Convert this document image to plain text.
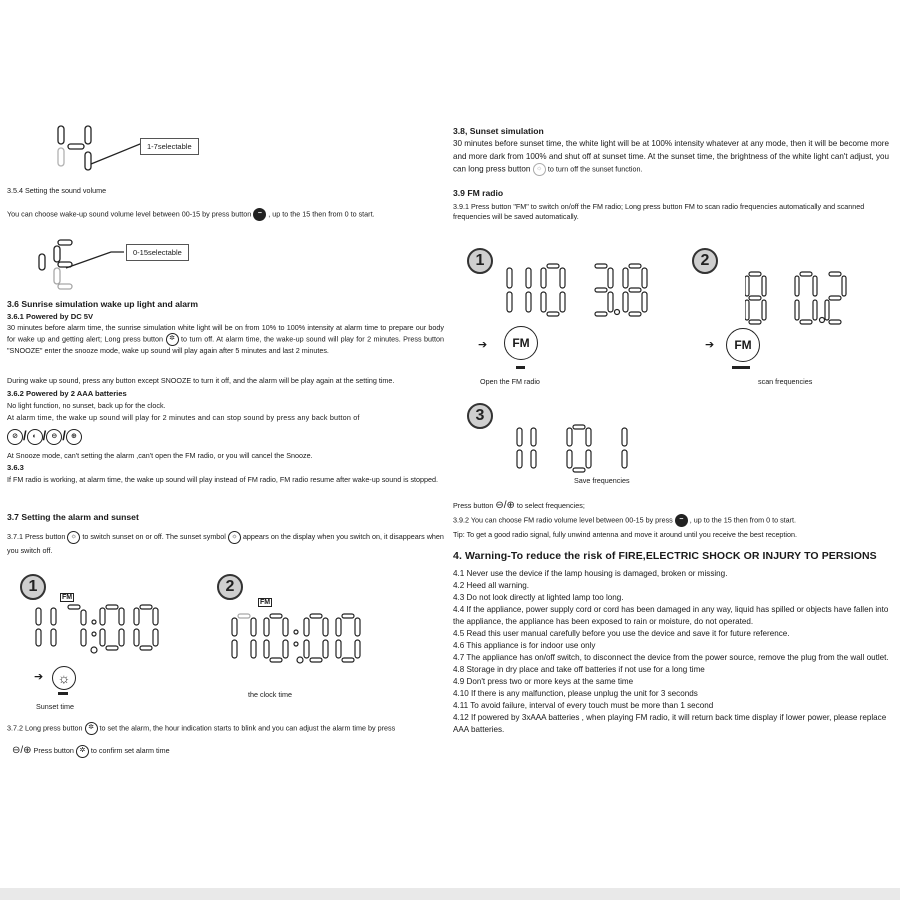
1-7selectable
3.5.4 Setting the sound volume
You can choose wake-up sound volume level between 00-15 by press button − , up to the 15 then from 0 to start.
0-15selectable
3.6 Sunrise simulation wake up light and alarm
3.6.1 Powered by DC 5V
30 minutes before alarm time, the sunrise simulation white light will be on from 10% to 100% intensity at alarm time to prepare our body for wake up and getting alert; Long press button ✲ to turn off. At alarm time, the wake-up sound will play for 2 minutes. Press button "SNOOZE" enter the snooze mode, wake up sound will play again after 5 minutes and last 2 minutes.
During wake up sound, press any button except SNOOZE to turn it off, and the alarm will be play again at the setting time.
3.6.2 Powered by 2 AAA batteries
No light function, no sunset, back up for the clock.
At alarm time, the wake up sound will play for 2 minutes and can stop sound by press any back button of
⊘ / ◐ / ⊖ / ⊕
At Snooze mode, can't setting the alarm ,can't open the FM radio, or you will cancel the Snooze.
3.6.3
If FM radio is working, at alarm time, the wake up sound will play instead of FM radio, FM radio resume after wake-up sound is stopped.
3.7 Setting the alarm and sunset
3.7.1 Press button ☼ to switch sunset on or off. The sunset symbol ☼ appears on the display when you switch on, it disappears when you switch off.
1
FM
☼
➔
Sunset time
2
FM
the clock time
3.7.2 Long press button ✲ to set the alarm, the hour indication starts to blink and you can adjust the alarm time by press
⊖/⊕ Press button ✲ to confirm set alarm time
3.8, Sunset simulation
30 minutes before sunset time, the white light will be at 100% intensity whatever at any mode, then it will be become more and more dark from 100% and shut off at sunset time. At the sunset time, the brightness of the white light can't adjust, you can long press button ☼ to turn off the sunset function.
3.9 FM radio
3.9.1 Press button "FM" to switch on/off the FM radio; Long press button FM to scan radio frequencies automatically and scanned frequencies will be saved automatically.
1
➔	FM
Open the FM radio
2
➔	FM
scan frequencies
3
Save frequencies
Press button ⊖/⊕ to select frequencies;
3.9.2 You can choose FM radio volume level between 00-15 by press − , up to the 15 then from 0 to start.
Tip: To get a good radio signal, fully unwind antenna and move it around until you receive the best reception.
4. Warning-To reduce the risk of FIRE,ELECTRIC SHOCK OR INJURY TO PERSIONS
4.1 Never use the device if the lamp housing is damaged, broken or missing.
4.2 Heed all warning.
4.3 Do not look directly at lighted lamp too long.
4.4 If the appliance, power supply cord or cord has been damaged in any way, liquid has spilled or objects have fallen into the appliance, the appliance has been exposed to rain or moisture, do not operated.
4.5 Read this user manual carefully before you use the device and save it for future reference.
4.6 This appliance is for indoor use only
4.7 The appliance has on/off switch, to disconnect the device from the power source, remove the plug from the wall outlet.
4.8 Storage in dry place and take off batteries if not use for a long time
4.9 Don't press two or more keys at the same time
4.10 If there is any malfunction, please unplug the unit for 3 seconds
4.11 To avoid failure, interval of every touch must be more than 1 second
4.12 If powered by 3xAAA batteries , when playing FM radio, it will return back time display if lower power, please replace AAA batteries.
